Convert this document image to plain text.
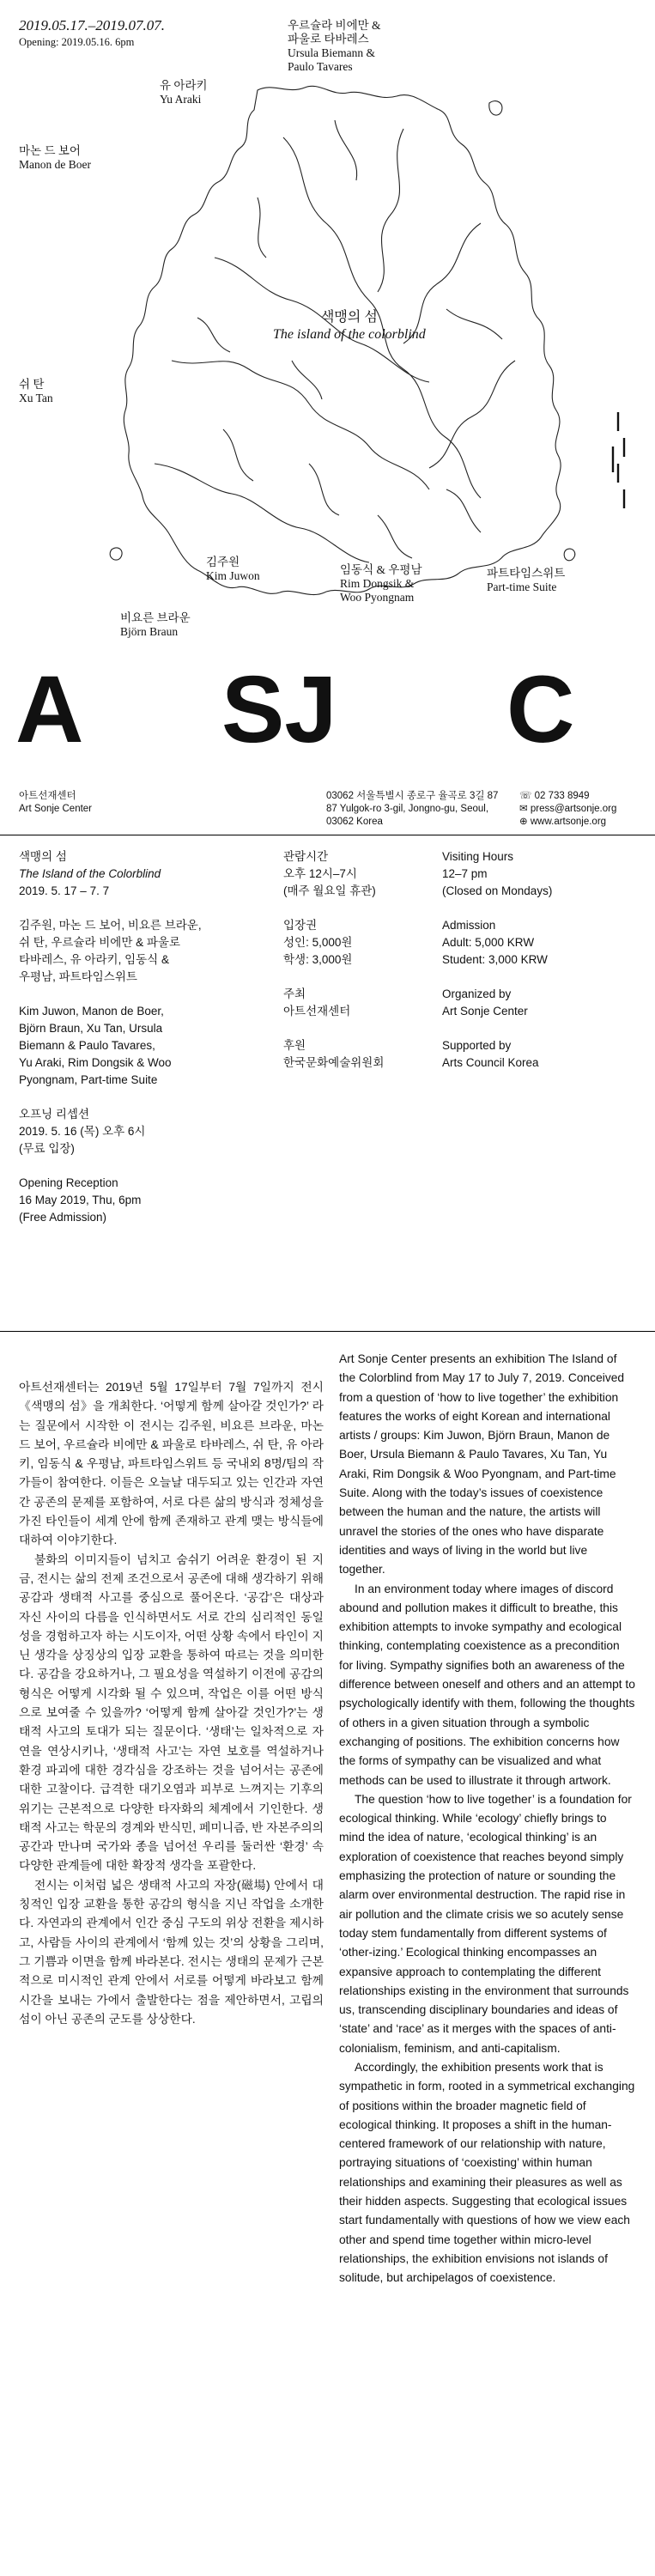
2019.05.17.–2019.07.07.
Opening: 2019.05.16. 6pm
우르슐라 비에만 &
파울로 타바레스
Ursula Biemann &
Paulo Tavares
유 아라키
Yu Araki
마논 드 보어
Manon de Boer
쉬 탄
Xu Tan
김주원
Kim Juwon	임동식 & 우평남
Rim Dongsik &
Woo Pyongnam
파트타임스위트
Part-time Suite
비요른 브라운
Björn Braun
색맹의 섬
The island of the colorblind
A SJ C
아트선재센터
Art Sonje Center
03062 서울특별시 종로구 율곡로 3길 87
87 Yulgok-ro 3-gil, Jongno-gu, Seoul,
03062 Korea
☏ 02 733 8949
✉ press@artsonje.org
⊕ www.artsonje.org

색맹의 섬

The Island of the Colorblind

2019. 5. 17 – 7. 7

김주원, 마논 드 보어, 비요른 브라운,

쉬 탄, 우르슐라 비에만 & 파울로

타바레스, 유 아라키, 임동식 &

우평남, 파트타임스위트

Kim Juwon, Manon de Boer,

Björn Braun, Xu Tan, Ursula

Biemann & Paulo Tavares,

Yu Araki, Rim Dongsik & Woo

Pyongnam, Part-time Suite

오프닝 리셉션

2019. 5. 16 (목) 오후 6시

(무료 입장)

Opening Reception

16 May 2019, Thu, 6pm

(Free Admission)

관람시간

오후 12시–7시

(매주 월요일 휴관)

입장권

성인: 5,000원

학생: 3,000원

주최

아트선재센터

후원

한국문화예술위원회

Visiting Hours

12–7 pm

(Closed on Mondays)

Admission

Adult: 5,000 KRW

Student: 3,000 KRW

Organized by

Art Sonje Center

Supported by

Arts Council Korea

아트선재센터는 2019년 5월 17일부터 7월 7일까지 전시 《색맹의 섬》을 개최한다. ‘어떻게 함께 살아갈 것인가?’ 라는 질문에서 시작한 이 전시는 김주원, 비요른 브라운, 마논 드 보어, 우르슐라 비에만 & 파울로 타바레스, 쉬 탄, 유 아라키, 임동식 & 우평남, 파트타임스위트 등 국내외 8명/팀의 작가들이 참여한다. 이들은 오늘날 대두되고 있는 인간과 자연 간 공존의 문제를 포함하여, 서로 다른 삶의 방식과 정체성을 가진 타인들이 세계 안에 함께 존재하고 관계 맺는 방식들에 대하여 이야기한다.

불화의 이미지들이 넘치고 숨쉬기 어려운 환경이 된 지금, 전시는 삶의 전제 조건으로서 공존에 대해 생각하기 위해 공감과 생태적 사고를 중심으로 풀어온다. ‘공감’은 대상과 자신 사이의 다름을 인식하면서도 서로 간의 심리적인 동일성을 경험하고자 하는 시도이자, 어떤 상황 속에서 타인이 지닌 생각을 상징상의 입장 교환을 통하여 따르는 것을 의미한다. 공감을 강요하거나, 그 필요성을 역설하기 이전에 공감의 형식은 어떻게 시각화 될 수 있으며, 작업은 이를 어떤 방식으로 보여줄 수 있을까? ‘어떻게 함께 살아갈 것인가?’는 생태적 사고의 토대가 되는 질문이다. ‘생태’는 일차적으로 자연을 연상시키나, ‘생태적 사고’는 자연 보호를 역설하거나 환경 파괴에 대한 경각심을 강조하는 것을 넘어서는 공존에 대한 고찰이다. 급격한 대기오염과 피부로 느껴지는 기후의 위기는 근본적으로 다양한 타자화의 체계에서 기인한다. 생태적 사고는 학문의 경계와 반식민, 페미니즘, 반 자본주의의 공간과 만나며 국가와 종을 넘어선 우리를 둘러싼 ‘환경’ 속 다양한 관계들에 대한 확장적 생각을 포괄한다.

전시는 이처럼 넓은 생태적 사고의 자장(磁場) 안에서 대칭적인 입장 교환을 통한 공감의 형식을 지닌 작업을 소개한다. 자연과의 관계에서 인간 중심 구도의 위상 전환을 제시하고, 사람들 사이의 관계에서 ‘함께 있는 것’의 상황을 그리며, 그 기쁨과 이면을 함께 바라본다. 전시는 생태의 문제가 근본적으로 미시적인 관계 안에서 서로를 어떻게 바라보고 함께 시간을 보내는 가에서 출발한다는 점을 제안하면서, 고립의 섬이 아닌 공존의 군도를 상상한다.

Art Sonje Center presents an exhibition The Island of the Colorblind from May 17 to July 7, 2019. Conceived from a question of ‘how to live together’ the exhibition features the works of eight Korean and international artists / groups: Kim Juwon, Björn Braun, Manon de Boer, Ursula Biemann & Paulo Tavares, Xu Tan, Yu Araki, Rim Dongsik & Woo Pyongnam, and Part-time Suite. Along with the today’s issues of coexistence between the human and the nature, the artists will unravel the stories of the ones who have disparate identities and ways of living in the world but live together.

In an environment today where images of discord abound and pollution makes it difficult to breathe, this exhibition attempts to invoke sympathy and ecological thinking, contemplating coexistence as a precondition for living. Sympathy signifies both an awareness of the difference between oneself and others and an attempt to psychologically identify with them, following the thoughts of others in a given situation through a symbolic exchanging of positions. The exhibition concerns how the forms of sympathy can be visualized and what methods can be used to illustrate it through artwork.

The question ‘how to live together’ is a foundation for ecological thinking. While ‘ecology’ chiefly brings to mind the idea of nature, ‘ecological thinking’ is an exploration of coexistence that reaches beyond simply emphasizing the protection of nature or sounding the alarm over environmental destruction. The rapid rise in air pollution and the climate crisis we so acutely sense today stem fundamentally from different systems of ‘other-izing.’ Ecological thinking encompasses an expansive approach to contemplating the different relationships existing in the environment that surrounds us, transcending disciplinary boundaries and ideas of ‘state’ and ‘race’ as it merges with the spaces of anti-colonialism, feminism, and anti-capitalism.

Accordingly, the exhibition presents work that is sympathetic in form, rooted in a symmetrical exchanging of positions within the broader magnetic field of ecological thinking. It proposes a shift in the human-centered framework of our relationship with nature, portraying situations of ‘coexisting’ within human relationships and examining their pleasures as well as their hidden aspects. Suggesting that ecological issues start fundamentally with questions of how we view each other and spend time together within micro-level relationships, the exhibition envisions not islands of solitude, but archipelagos of coexistence.
